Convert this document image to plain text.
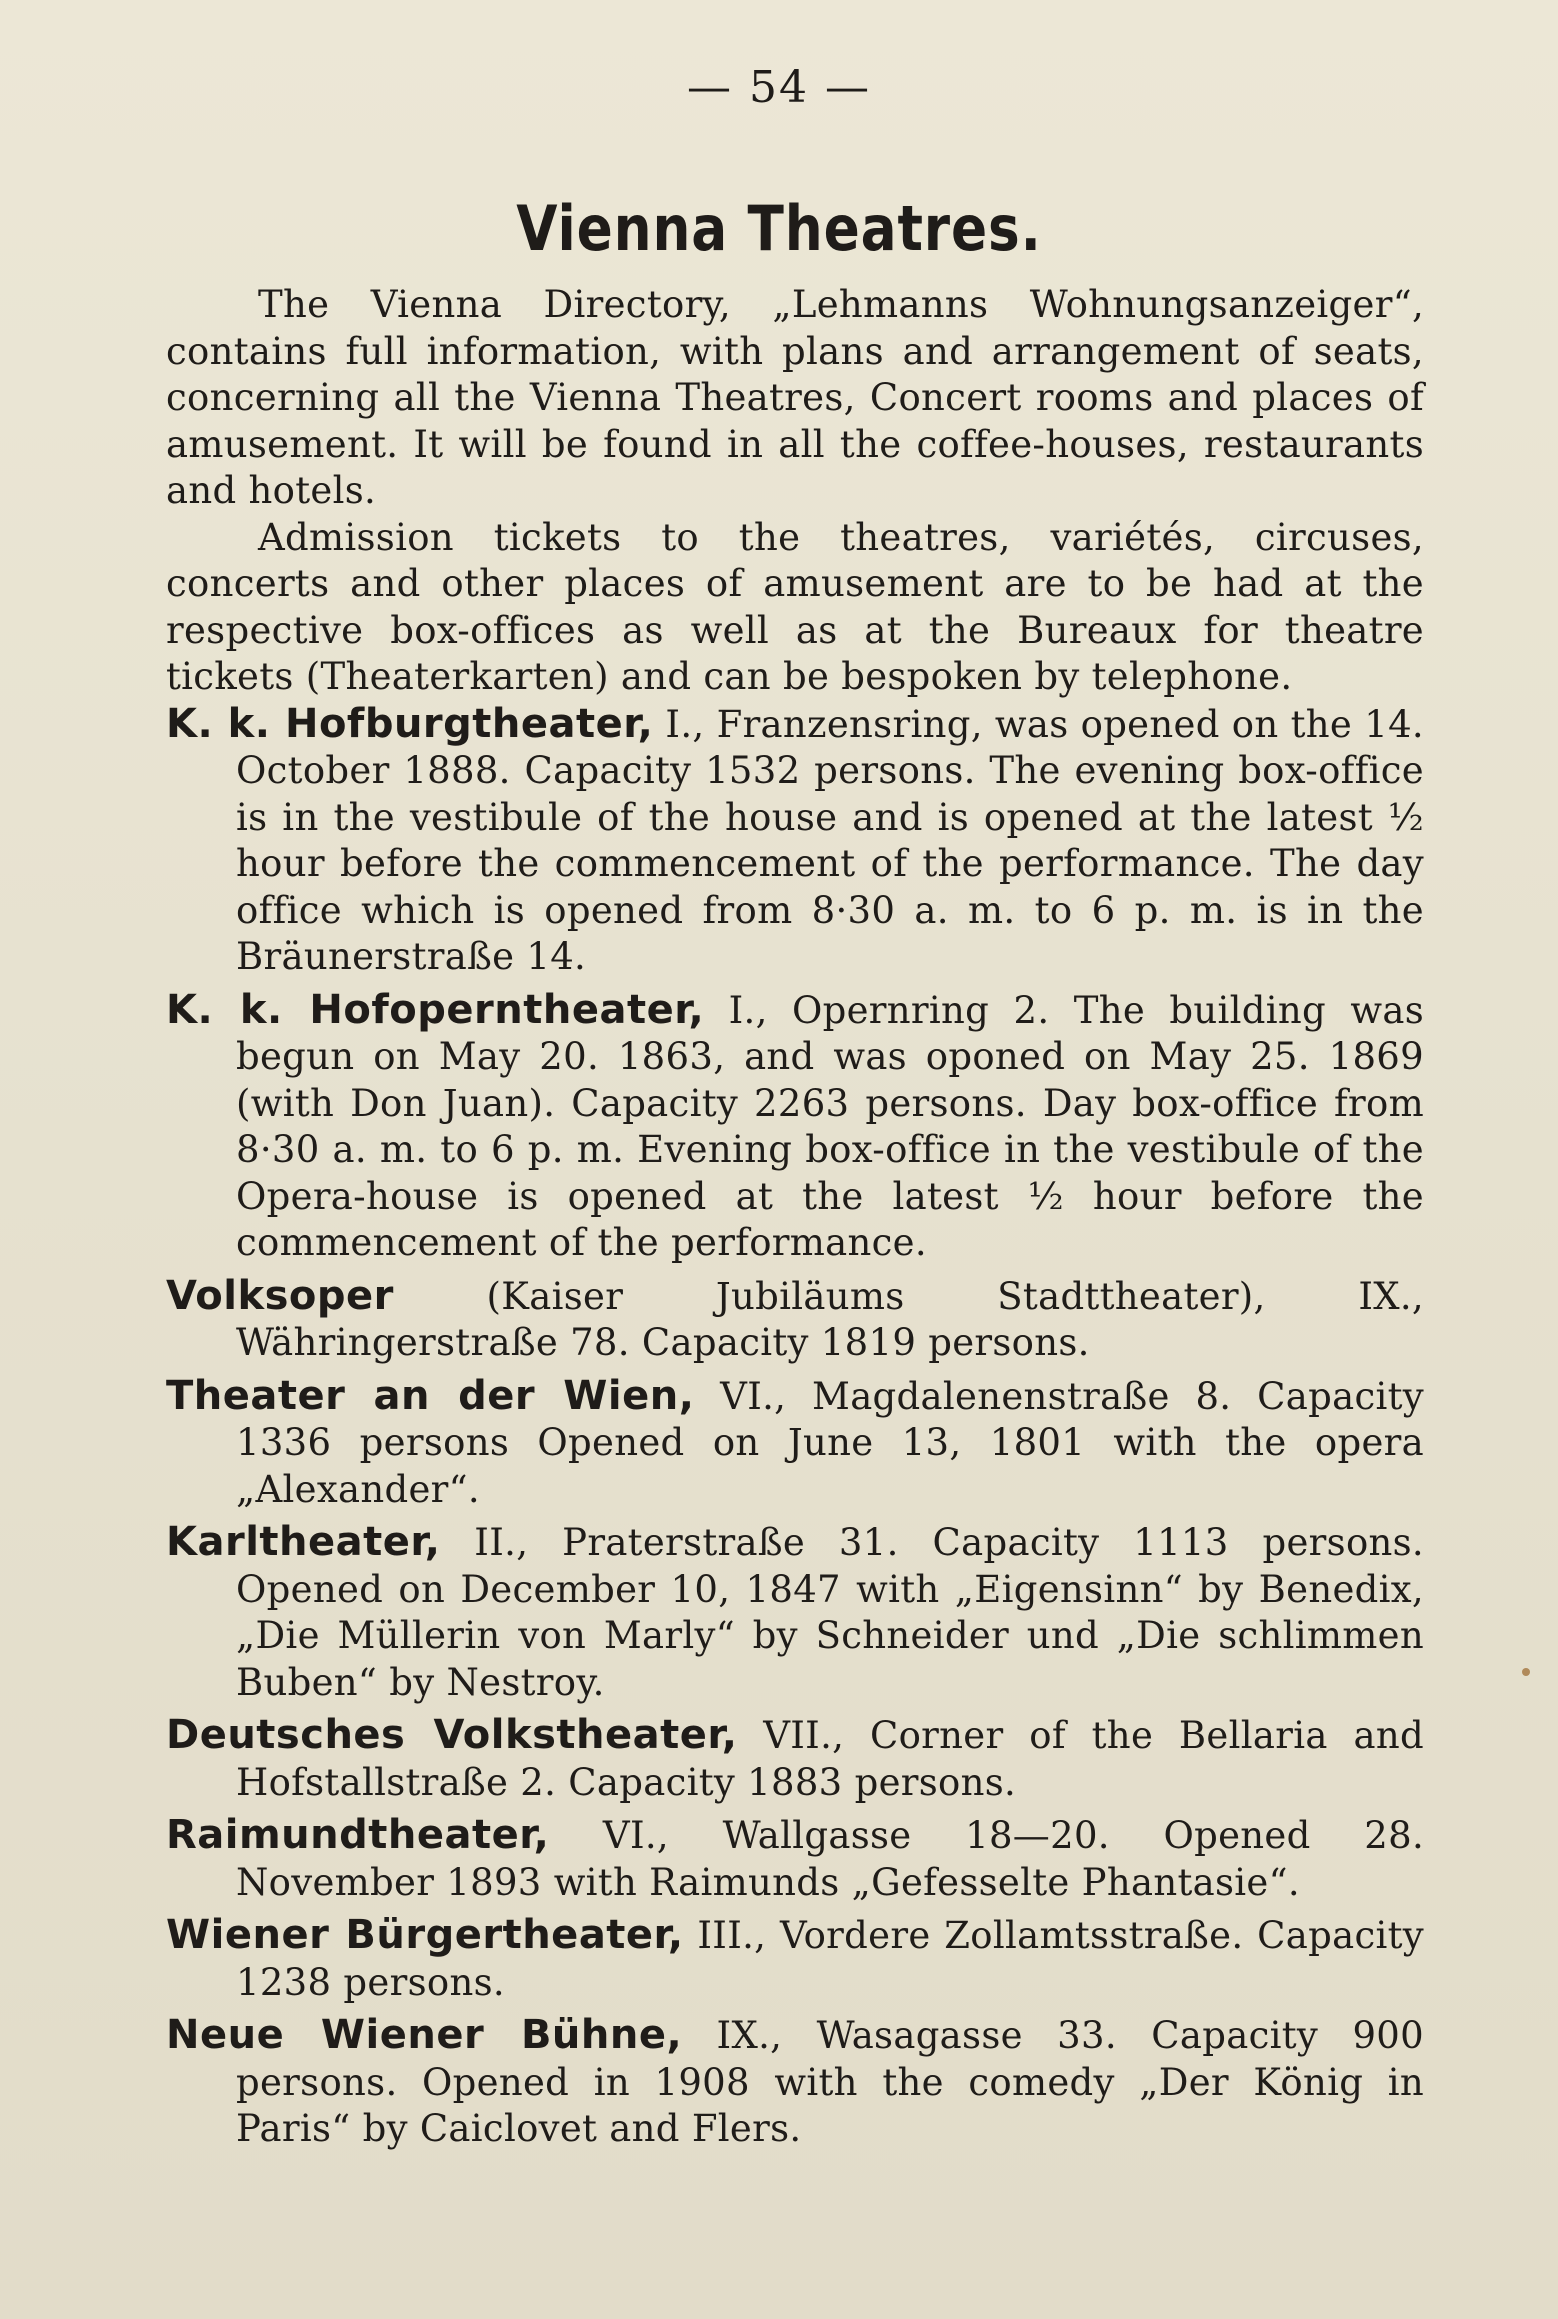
— 54 —
Vienna Theatres.

The Vienna Directory, „Lehmanns Wohnungsanzeiger“, contains full information, with plans and arrangement of seats, concerning all the Vienna Theatres, Concert rooms and places of amusement. It will be found in all the coffee-houses, restaurants and hotels.

Admission tickets to the theatres, variétés, circuses, concerts and other places of amusement are to be had at the respective box-offices as well as at the Bureaux for theatre tickets (Theaterkarten) and can be bespoken by telephone.

K. k. Hofburgtheater, I., Franzensring, was opened on the 14. October 1888. Capacity 1532 persons. The evening box-office is in the vestibule of the house and is opened at the latest ½ hour before the commencement of the performance. The day office which is opened from 8·30 a. m. to 6 p. m. is in the Bräunerstraße 14.

K. k. Hofoperntheater, I., Opernring 2. The building was begun on May 20. 1863, and was oponed on May 25. 1869 (with Don Juan). Capacity 2263 persons. Day box-office from 8·30 a. m. to 6 p. m. Evening box-office in the vestibule of the Opera-house is opened at the latest ½ hour before the commencement of the performance.

Volksoper (Kaiser Jubiläums Stadttheater), IX., Währingerstraße 78. Capacity 1819 persons.

Theater an der Wien, VI., Magdalenenstraße 8. Capacity 1336 persons Opened on June 13, 1801 with the opera „Alexander“.

Karltheater, II., Praterstraße 31. Capacity 1113 persons. Opened on December 10, 1847 with „Eigensinn“ by Benedix, „Die Müllerin von Marly“ by Schneider und „Die schlimmen Buben“ by Nestroy.

Deutsches Volkstheater, VII., Corner of the Bellaria and Hofstallstraße 2. Capacity 1883 persons.

Raimundtheater, VI., Wallgasse 18—20. Opened 28. November 1893 with Raimunds „Gefesselte Phantasie“.

Wiener Bürgertheater, III., Vordere Zollamtsstraße. Capacity 1238 persons.

Neue Wiener Bühne, IX., Wasagasse 33. Capacity 900 persons. Opened in 1908 with the comedy „Der König in Paris“ by Caiclovet and Flers.
